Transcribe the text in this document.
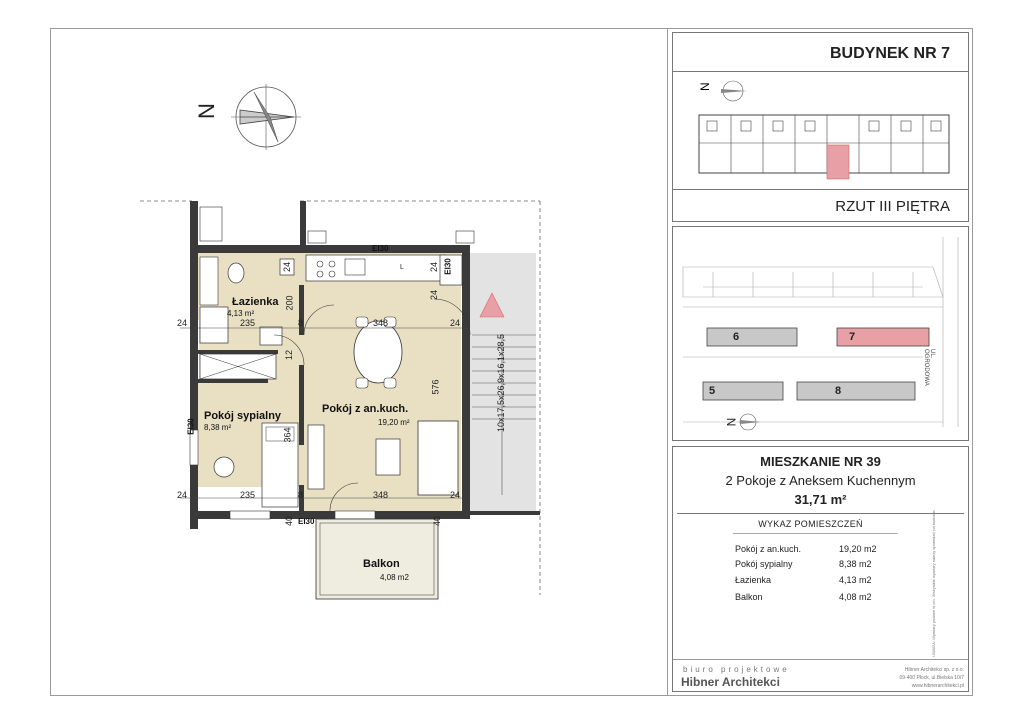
N
Łazienka
4,13 m²
Pokój sypialny
8,38 m²
Pokój z an.kuch.
19,20 m²
Balkon
4,08 m2
24	235	8	348	24
24	235	8	348	24
200
24
12
576
364
24
24
40	40
10x17,5x26,9x16,1x28,5
L
EI30
EI30
EI30
EI30
BUDYNEK NR 7
N
RZUT III PIĘTRA
6	7
5	8
UL. OGRODOWA
N
MIESZKANIE NR 39
2 Pokoje z Aneksem Kuchennym
31,71 m²
WYKAZ POMIESZCZEŃ	UWAGA: Wymiary podane w cm. Wszystkie wymiary należy sprawdzić na budowie.
Pokój z an.kuch.	19,20 m2
Pokój sypialny	8,38 m2
Łazienka	4,13 m2
Balkon	4,08 m2
biuro projektowe
Hibner Architekci
Hibner Architekci sp. z o.o.
09-400 Płock, ul.Bielska 10/7
www.hibnerarchitekci.pl
